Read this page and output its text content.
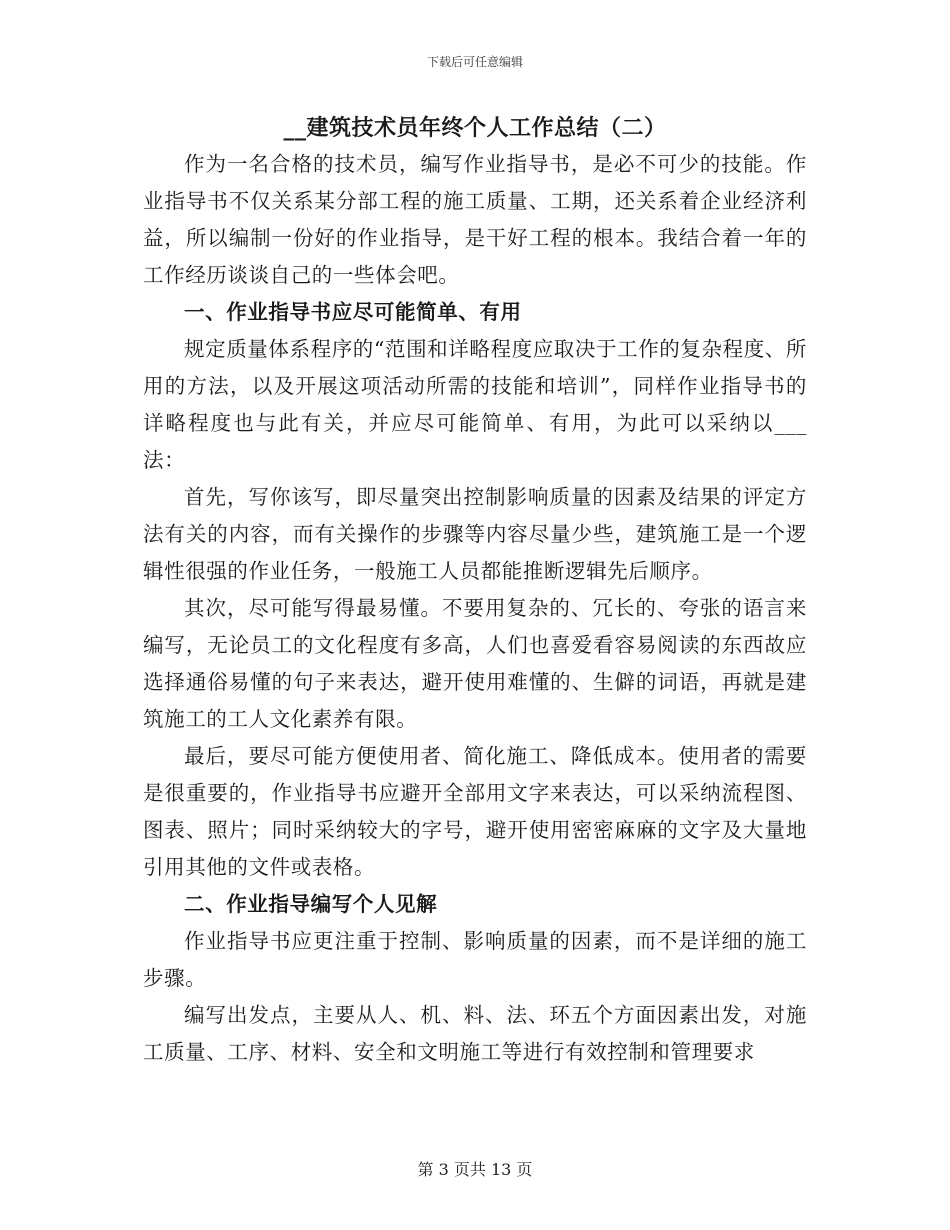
下载后可任意编辑
__建筑技术员年终个人工作总结（二）

作为一名合格的技术员，编写作业指导书，是必不可少的技能。作业指导书不仅关系某分部工程的施工质量、工期，还关系着企业经济利益，所以编制一份好的作业指导，是干好工程的根本。我结合着一年的工作经历谈谈自己的一些体会吧。

一、作业指导书应尽可能简单、有用

规定质量体系程序的“范围和详略程度应取决于工作的复杂程度、所用的方法，以及开展这项活动所需的技能和培训”，同样作业指导书的详略程度也与此有关，并应尽可能简单、有用，为此可以采纳以___法：

首先，写你该写，即尽量突出控制影响质量的因素及结果的评定方法有关的内容，而有关操作的步骤等内容尽量少些，建筑施工是一个逻辑性很强的作业任务，一般施工人员都能推断逻辑先后顺序。

其次，尽可能写得最易懂。不要用复杂的、冗长的、夸张的语言来编写，无论员工的文化程度有多高，人们也喜爱看容易阅读的东西故应选择通俗易懂的句子来表达，避开使用难懂的、生僻的词语，再就是建筑施工的工人文化素养有限。

最后，要尽可能方便使用者、简化施工、降低成本。使用者的需要是很重要的，作业指导书应避开全部用文字来表达，可以采纳流程图、图表、照片；同时采纳较大的字号，避开使用密密麻麻的文字及大量地引用其他的文件或表格。

二、作业指导编写个人见解

作业指导书应更注重于控制、影响质量的因素，而不是详细的施工步骤。

编写出发点，主要从人、机、料、法、环五个方面因素出发，对施工质量、工序、材料、安全和文明施工等进行有效控制和管理要求

第 3 页共 13 页
